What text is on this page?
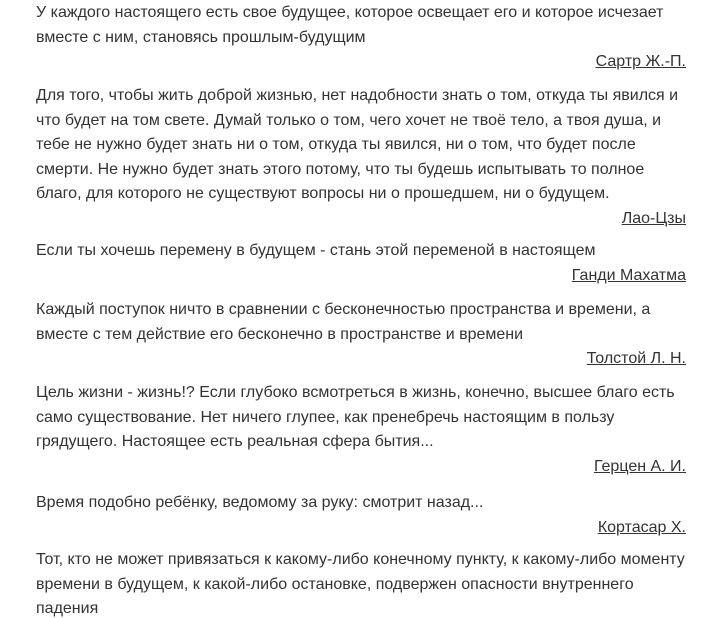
У каждого настоящего есть свое будущее, которое освещает его и которое исчезает вместе с ним, становясь прошлым-будущим

Сартр Ж.-П.

Для того, чтобы жить доброй жизнью, нет надобности знать о том, откуда ты явился и что будет на том свете. Думай только о том, чего хочет не твоё тело, а твоя душа, и тебе не нужно будет знать ни о том, откуда ты явился, ни о том, что будет после смерти. Не нужно будет знать этого потому, что ты будешь испытывать то полное благо, для которого не существуют вопросы ни о прошедшем, ни о будущем.

Лао-Цзы

Если ты хочешь перемену в будущем - стань этой переменой в настоящем

Ганди Махатма

Каждый поступок ничто в сравнении с бесконечностью пространства и времени, а вместе с тем действие его бесконечно в пространстве и времени

Толстой Л. Н.

Цель жизни - жизнь!? Если глубоко всмотреться в жизнь, конечно, высшее благо есть само существование. Нет ничего глупее, как пренебречь настоящим в пользу грядущего. Настоящее есть реальная сфера бытия...

Герцен А. И.

Время подобно ребёнку, ведомому за руку: смотрит назад...

Кортасар Х.

Тот, кто не может привязаться к какому-либо конечному пункту, к какому-либо моменту времени в будущем, к какой-либо остановке, подвержен опасности внутреннего падения
